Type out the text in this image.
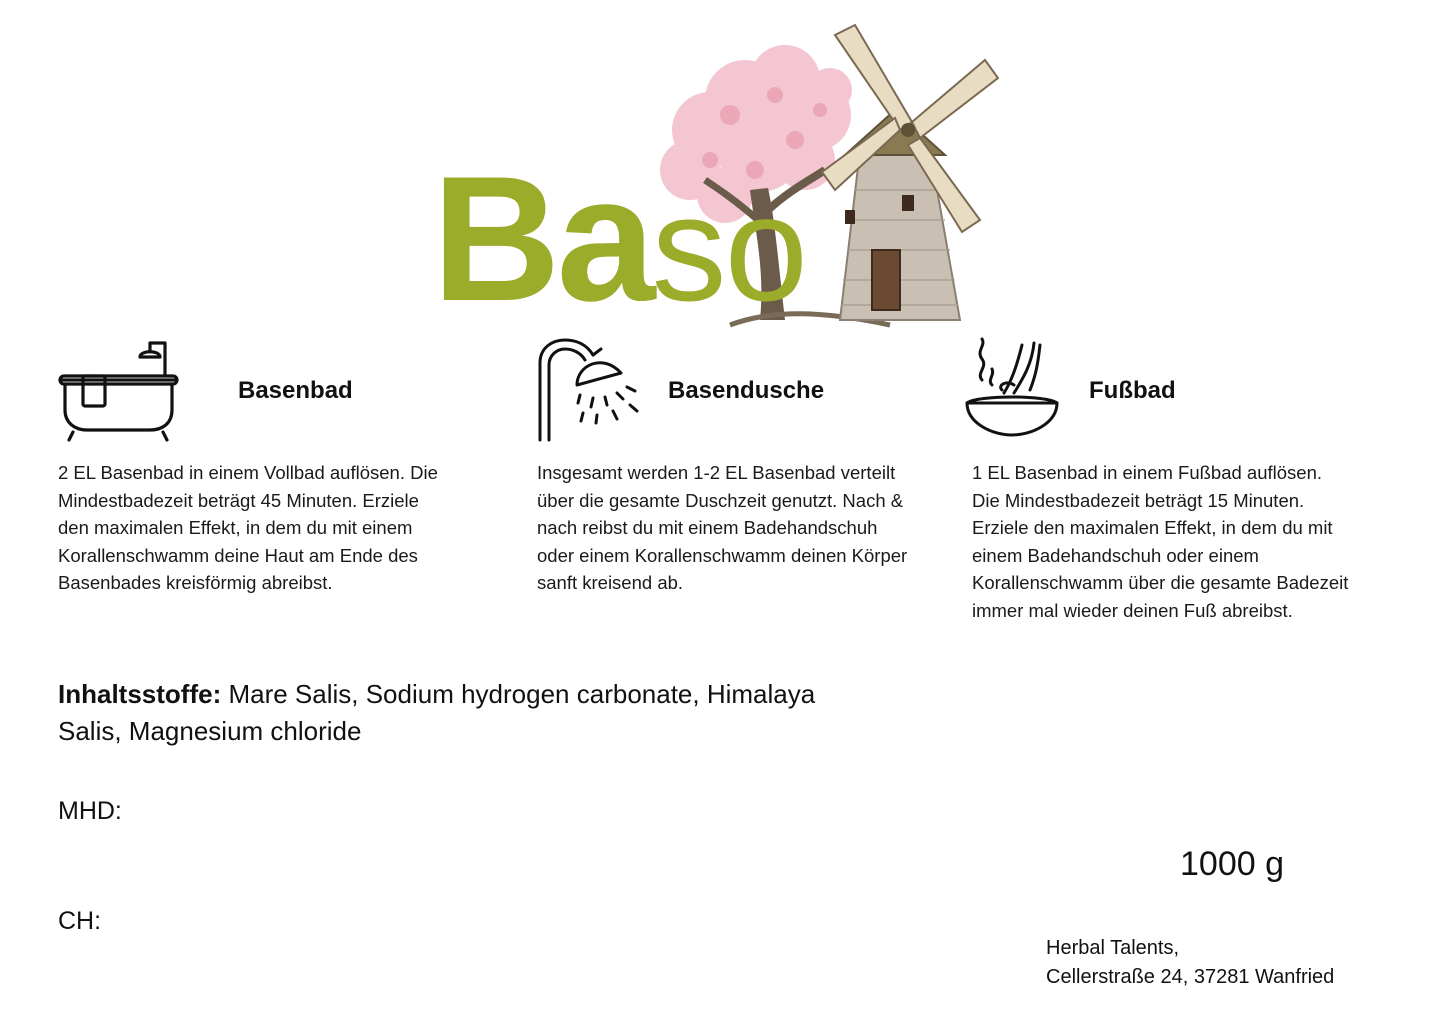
Baso
Basenbad
2 EL Basenbad in einem Vollbad auflösen. Die Mindestbadezeit beträgt 45 Minuten. Erziele den maximalen Effekt, in dem du mit einem Korallenschwamm deine Haut am Ende des Basenbades kreisförmig abreibst.
Basendusche
Insgesamt werden 1-2 EL Basenbad verteilt über die gesamte Duschzeit genutzt. Nach & nach reibst du mit einem Badehandschuh oder einem Korallenschwamm deinen Körper sanft kreisend ab.
Fußbad
1 EL Basenbad in einem Fußbad auflösen. Die Mindestbadezeit beträgt 15 Minuten. Erziele den maximalen Effekt, in dem du mit einem Badehandschuh oder einem Korallenschwamm über die gesamte Badezeit immer mal wieder deinen Fuß abreibst.
Inhaltsstoffe: Mare Salis, Sodium hydrogen carbonate, Himalaya Salis, Magnesium chloride
MHD:
CH:
1000 g
Herbal Talents,
Cellerstraße 24, 37281 Wanfried
